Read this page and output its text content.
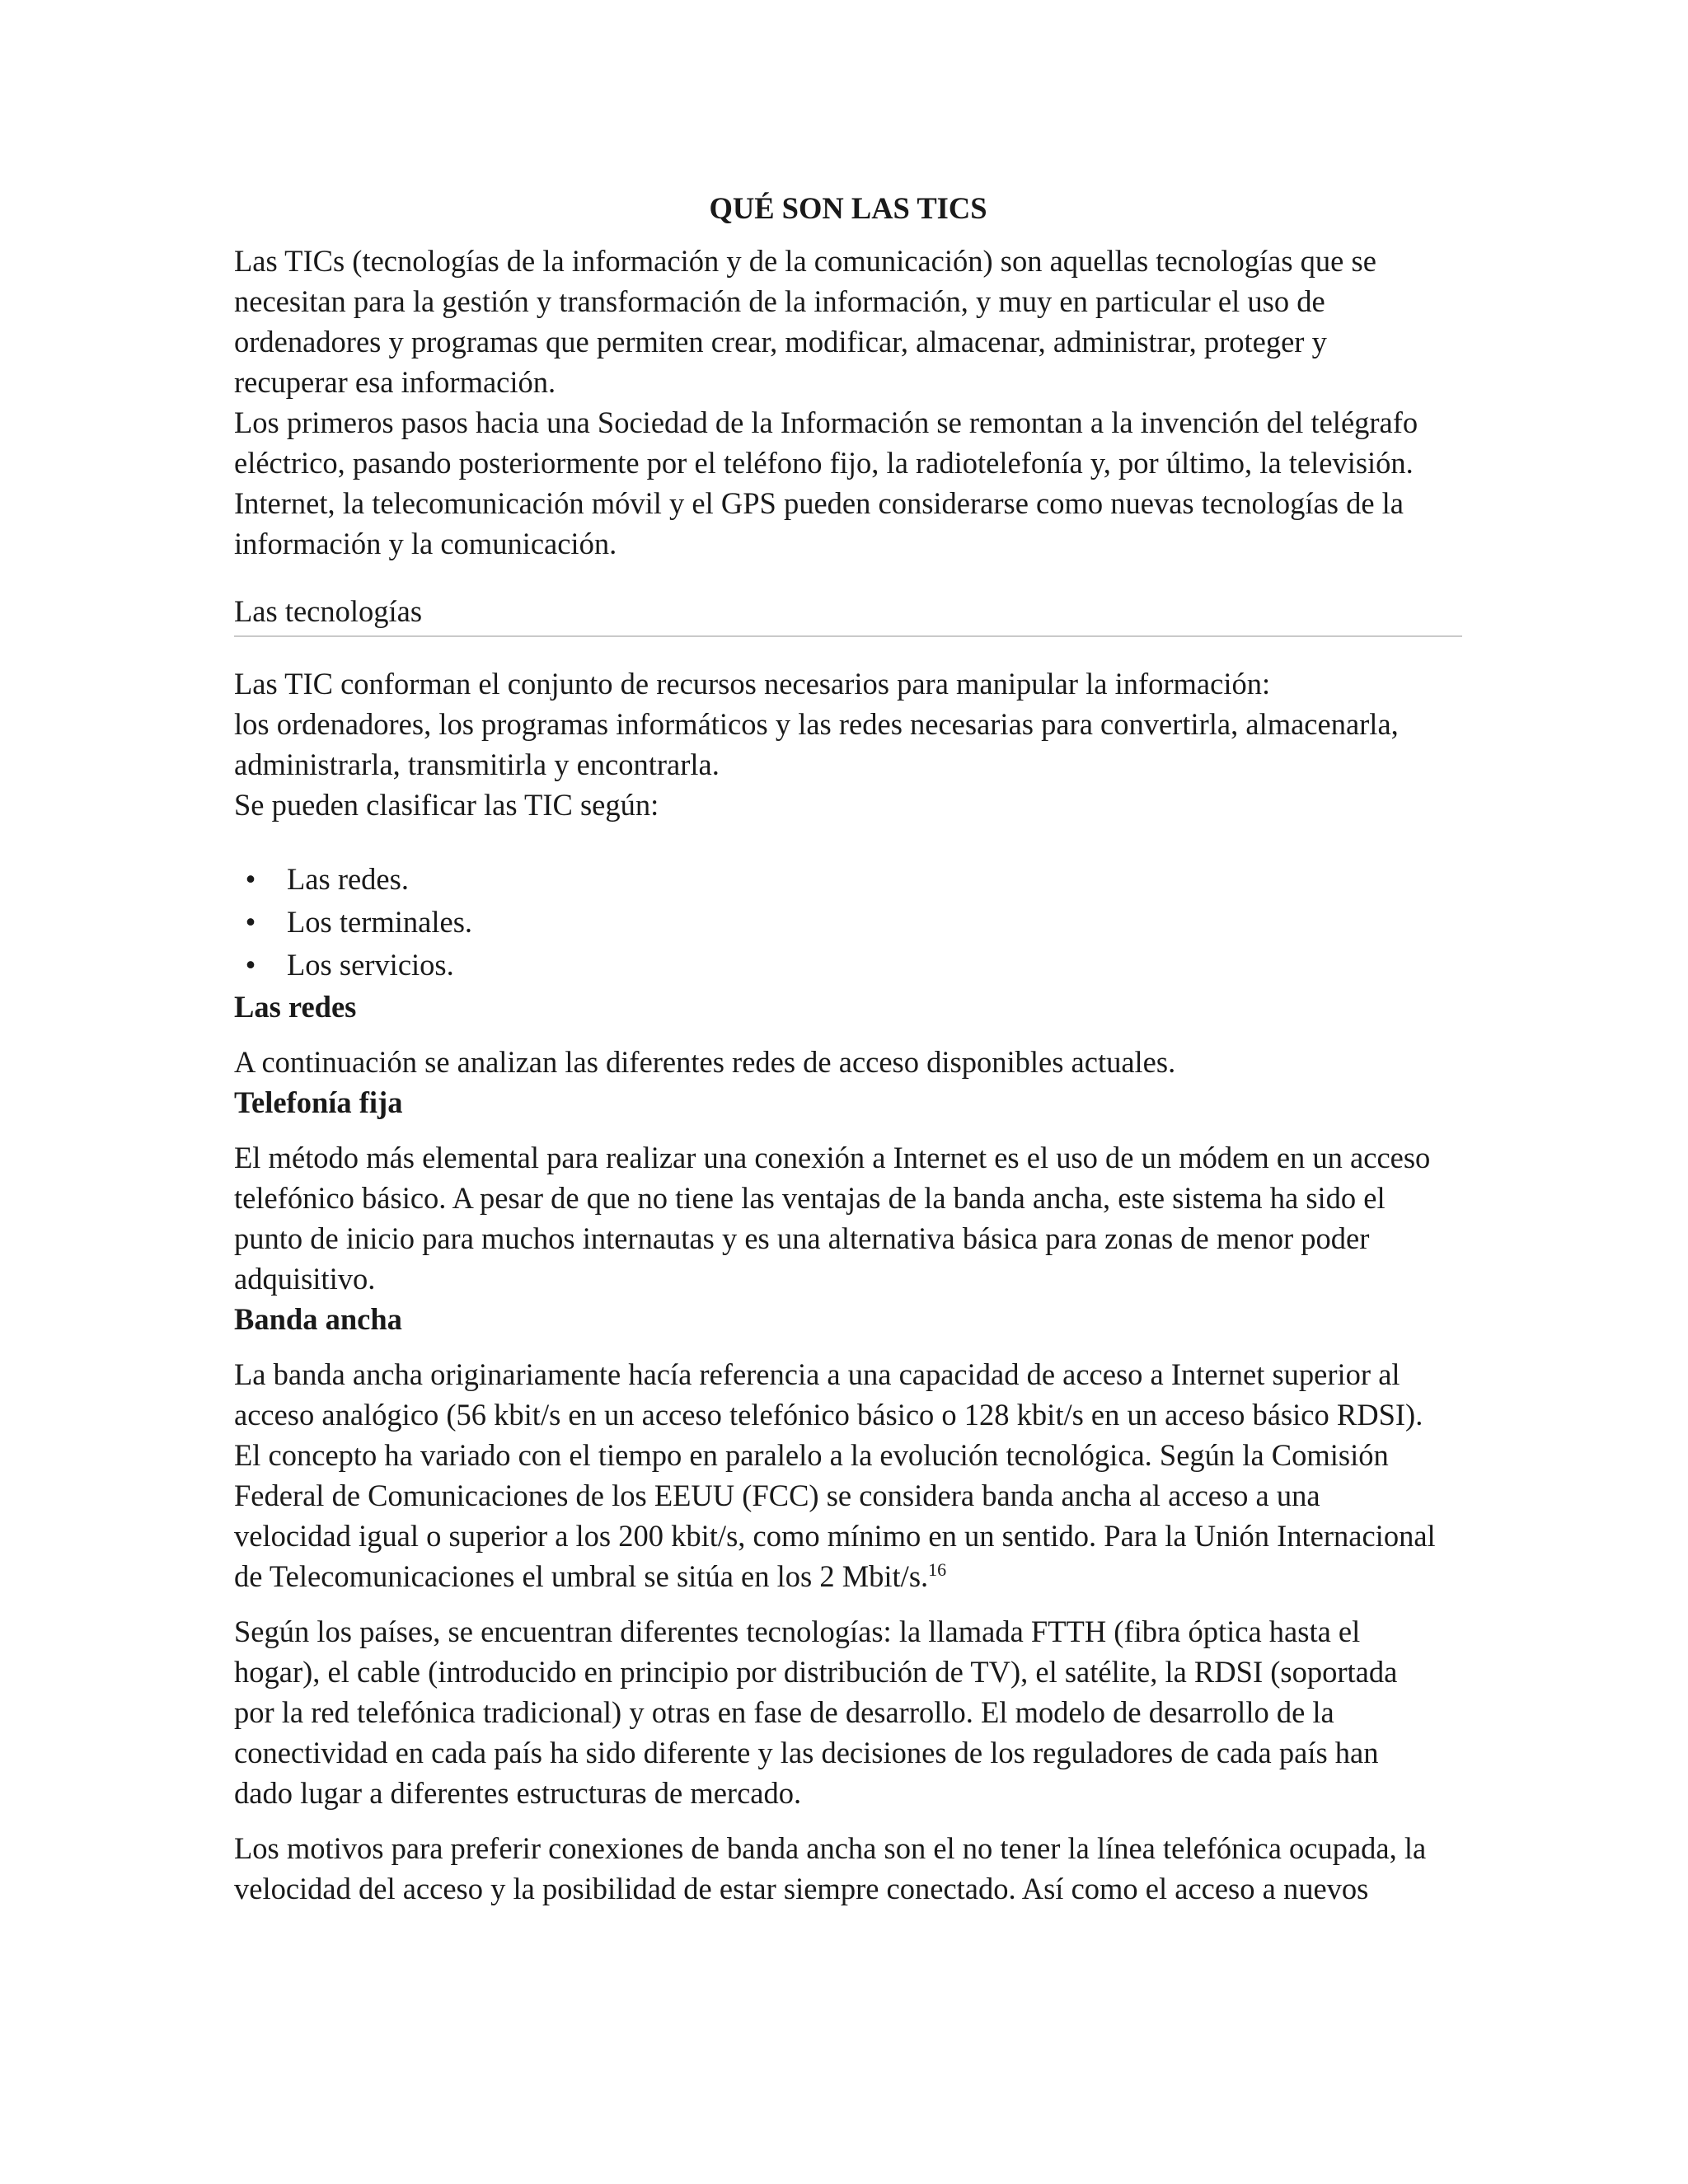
QUÉ SON LAS TICS
Las TICs (tecnologías de la información y de la comunicación) son aquellas tecnologías que se
necesitan para la gestión y transformación de la información, y muy en particular el uso de
ordenadores y programas que permiten crear, modificar, almacenar, administrar, proteger y
recuperar esa información.
Los primeros pasos hacia una Sociedad de la Información se remontan a la invención del telégrafo
eléctrico, pasando posteriormente por el teléfono fijo, la radiotelefonía y, por último, la televisión.
Internet, la telecomunicación móvil y el GPS pueden considerarse como nuevas tecnologías de la
información y la comunicación.
Las tecnologías
Las TIC conforman el conjunto de recursos necesarios para manipular la información:
los ordenadores, los programas informáticos y las redes necesarias para convertirla, almacenarla,
administrarla, transmitirla y encontrarla.
Se pueden clasificar las TIC según:
• Las redes.
• Los terminales.
• Los servicios.
Las redes
A continuación se analizan las diferentes redes de acceso disponibles actuales.
Telefonía fija
El método más elemental para realizar una conexión a Internet es el uso de un módem en un acceso
telefónico básico. A pesar de que no tiene las ventajas de la banda ancha, este sistema ha sido el
punto de inicio para muchos internautas y es una alternativa básica para zonas de menor poder
adquisitivo.
Banda ancha
La banda ancha originariamente hacía referencia a una capacidad de acceso a Internet superior al
acceso analógico (56 kbit/s en un acceso telefónico básico o 128 kbit/s en un acceso básico RDSI).
El concepto ha variado con el tiempo en paralelo a la evolución tecnológica. Según la Comisión
Federal de Comunicaciones de los EEUU (FCC) se considera banda ancha al acceso a una
velocidad igual o superior a los 200 kbit/s, como mínimo en un sentido. Para la Unión Internacional
de Telecomunicaciones el umbral se sitúa en los 2 Mbit/s.$^{16}$
Según los países, se encuentran diferentes tecnologías: la llamada FTTH (fibra óptica hasta el
hogar), el cable (introducido en principio por distribución de TV), el satélite, la RDSI (soportada
por la red telefónica tradicional) y otras en fase de desarrollo. El modelo de desarrollo de la
conectividad en cada país ha sido diferente y las decisiones de los reguladores de cada país han
dado lugar a diferentes estructuras de mercado.
Los motivos para preferir conexiones de banda ancha son el no tener la línea telefónica ocupada, la
velocidad del acceso y la posibilidad de estar siempre conectado. Así como el acceso a nuevos
